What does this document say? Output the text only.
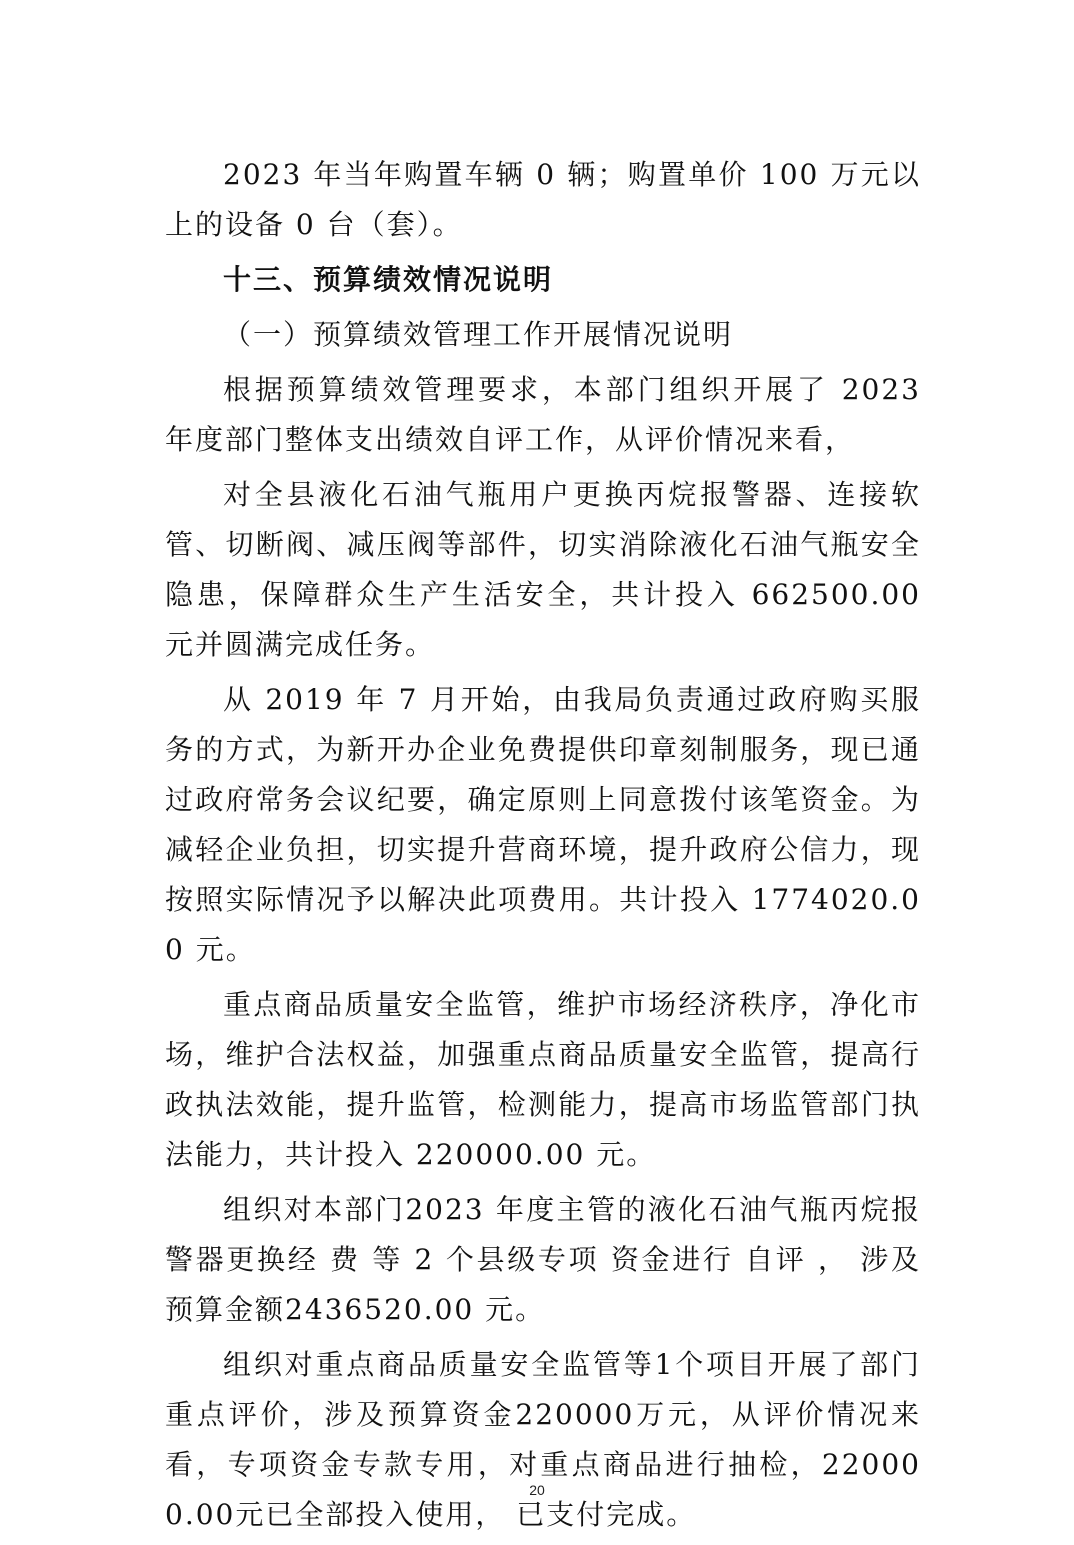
2023 年当年购置车辆 0 辆；购置单价 100 万元以上的设备 0 台（套）。

十三、预算绩效情况说明

（一）预算绩效管理工作开展情况说明

根据预算绩效管理要求，本部门组织开展了 2023 年度部门整体支出绩效自评工作，从评价情况来看，

对全县液化石油气瓶用户更换丙烷报警器、连接软管、切断阀、减压阀等部件，切实消除液化石油气瓶安全隐患，保障群众生产生活安全，共计投入 662500.00 元并圆满完成任务。

从 2019 年 7 月开始，由我局负责通过政府购买服务的方式，为新开办企业免费提供印章刻制服务，现已通过政府常务会议纪要，确定原则上同意拨付该笔资金。为减轻企业负担，切实提升营商环境，提升政府公信力，现按照实际情况予以解决此项费用。共计投入 1774020.00 元。

重点商品质量安全监管，维护市场经济秩序，净化市场，维护合法权益，加强重点商品质量安全监管，提高行政执法效能，提升监管，检测能力，提高市场监管部门执法能力，共计投入 220000.00 元。

组织对本部门2023 年度主管的液化石油气瓶丙烷报警器更换经 费 等 2 个县级专项 资金进行 自评 ， 涉及预算金额2436520.00 元。

组织对重点商品质量安全监管等1个项目开展了部门重点评价，涉及预算资金220000万元，从评价情况来看，专项资金专款专用，对重点商品进行抽检，220000.00元已全部投入使用， 已支付完成。

20
